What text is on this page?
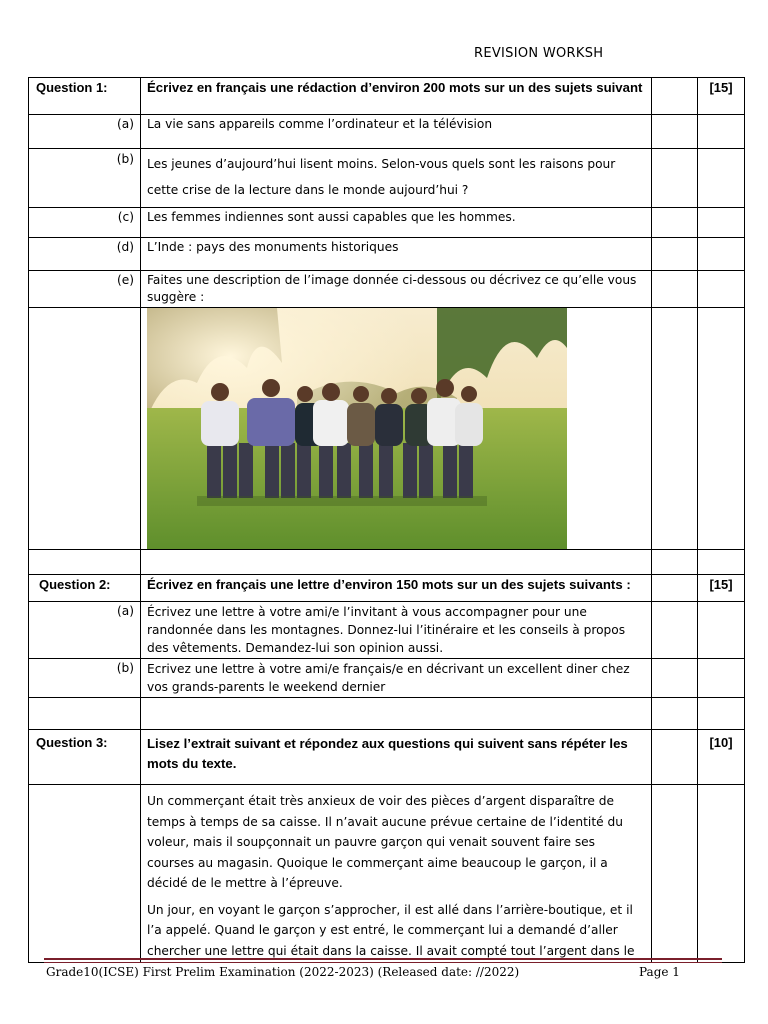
REVISION WORKSH
Question 1:	Écrivez en français une rédaction d’environ 200 mots sur un des sujets suivant		[15]
(a)	La vie sans appareils comme l’ordinateur et la télévision		
(b)	Les jeunes d’aujourd’hui lisent moins. Selon-vous quels sont les raisons pour
cette crise de la lecture dans le monde aujourd’hui ?		

(c)	Les femmes indiennes sont aussi capables que les hommes.		
(d)	L’Inde : pays des monuments historiques		
(e)	Faites une description de l’image donnée ci-dessous ou décrivez ce qu’elle vous suggère :		

Question 2:	Écrivez en français une lettre d’environ 150 mots sur un des sujets suivants :		[15]
(a)	Écrivez une lettre à votre ami/e l’invitant à vous accompagner pour une randonnée dans les montagnes. Donnez-lui l’itinéraire et les conseils à propos des vêtements. Demandez-lui son opinion aussi.		
(b)	Ecrivez une lettre à votre ami/e français/e en décrivant un excellent diner chez vos grands-parents le weekend dernier		

Question 3:	Lisez l’extrait suivant et répondez aux questions qui suivent sans répéter les mots du texte.		[10]

	Un commerçant était très anxieux de voir des pièces d’argent disparaître de temps à temps de sa caisse. Il n’avait aucune prévue certaine de l’identité du voleur, mais il soupçonnait un pauvre garçon qui venait souvent faire ses courses au magasin. Quoique le commerçant aime beaucoup le garçon, il a décidé de le mettre à l’épreuve.

Un jour, en voyant le garçon s’approcher, il est allé dans l’arrière-boutique, et il l’a appelé. Quand le garçon y est entré, le commerçant lui a demandé d’aller chercher une lettre qui était dans la caisse. Il avait compté tout l’argent dans le		

Grade10(ICSE) First Prelim Examination (2022-2023) (Released date: //2022)	Page 1
